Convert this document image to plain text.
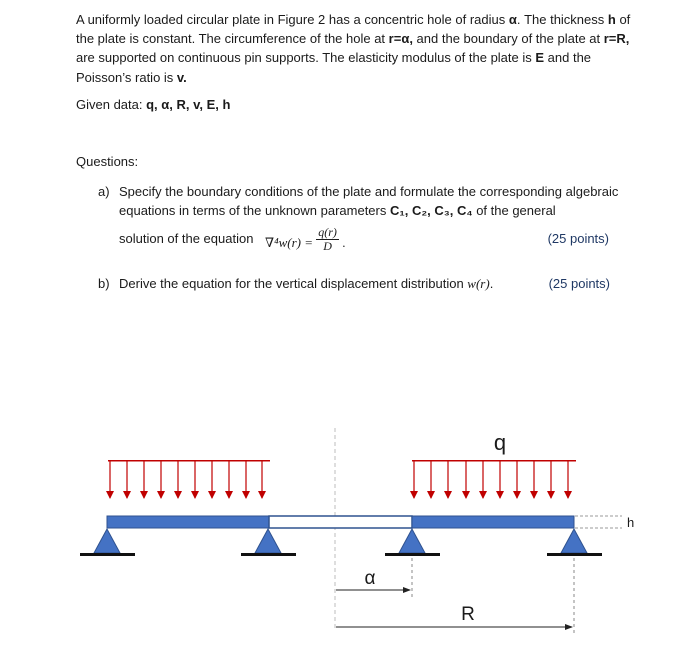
A uniformly loaded circular plate in Figure 2 has a concentric hole of radius α. The thickness h of the plate is constant. The circumference of the hole at r=α, and the boundary of the plate at r=R, are supported on continuous pin supports. The elasticity modulus of the plate is E and the Poisson’s ratio is v.
Given data: q, α, R, v, E, h
Questions:
a) Specify the boundary conditions of the plate and formulate the corresponding algebraic equations in terms of the unknown parameters C₁, C₂, C₃, C₄ of the general
solution of the equation $\nabla^4w(r) = \frac{q(r)}{D}$ .	(25 points)
b) Derive the equation for the vertical displacement distribution w(r).	(25 points)
q
h
α
R
